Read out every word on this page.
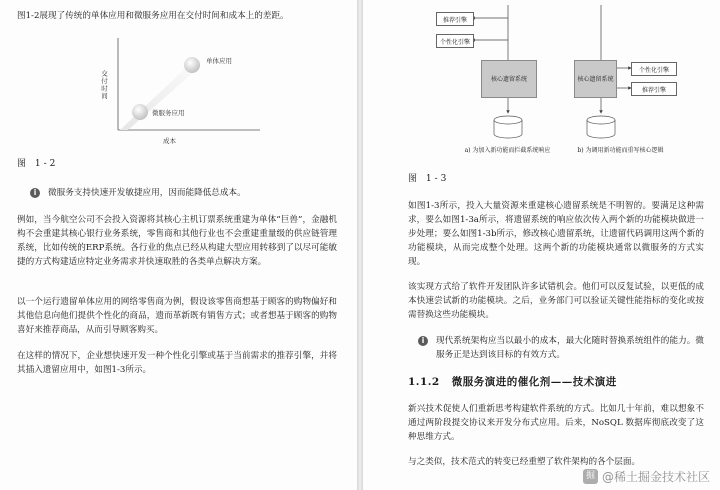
图1-2展现了传统的单体应用和微服务应用在交付时间和成本上的差距。
交付时间
单体应用
微服务应用
成本
图 1-2
i	微服务支持快速开发敏捷应用，因而能降低总成本。
例如，当今航空公司不会投入资源将其核心主机订票系统重建为单体“巨兽”，金融机构不会重建其核心银行业务系统，零售商和其他行业也不会重建重量级的供应链管理系统，比如传统的ERP系统。各行业的焦点已经从构建大型应用转移到了以尽可能敏捷的方式构建适应特定业务需求并快速取胜的各类单点解决方案。
以一个运行遗留单体应用的网络零售商为例，假设该零售商想基于顾客的购物偏好和其他信息向他们提供个性化的商品，遗而革新既有销售方式；或者想基于顾客的购物喜好来推荐商品，从而引导顾客购买。
在这样的情况下，企业想快速开发一种个性化引擎或基于当前需求的推荐引擎，并将其插入遗留应用中，如图1-3所示。
推荐引擎
个性化引擎
核心遗留系统
a) 为加入新功能而拦截系统响应
核心遗留系统
个性化引擎
推荐引擎
b) 为调用新功能而重写核心逻辑
图 1-3
如图1-3所示，投入大量资源来重建核心遗留系统是不明智的。要满足这种需求，要么如图1-3a所示，将遗留系统的响应依次传入两个新的功能模块做进一步处理；要么如图1-3b所示，修改核心遗留系统，让遗留代码调用这两个新的功能模块，从而完成整个处理。这两个新的功能模块通常以微服务的方式实现。
该实现方式给了软件开发团队许多试错机会。他们可以反复试验，以更低的成本快速尝试新的功能模块。之后，业务部门可以验证关键性能指标的变化或按需替换这些功能模块。
i	现代系统架构应当以最小的成本，最大化随时替换系统组件的能力。微服务正是达到该目标的有效方式。
1.1.2 微服务演进的催化剂——技术演进
新兴技术促使人们重新思考构建软件系统的方式。比如几十年前，难以想象不通过两阶段提交协议来开发分布式应用。后来，NoSQL 数据库彻底改变了这种思维方式。
与之类似，技术范式的转变已经重塑了软件架构的各个层面。
掘 @稀土掘金技术社区
